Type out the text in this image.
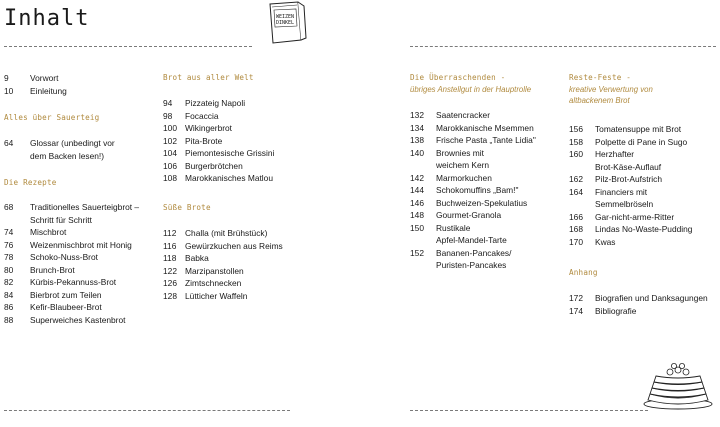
Inhalt	WEIZEN
DINKEL
Alles über Sauerteig
Die Rezepte
Brot aus aller Welt
Süße Brote
Die Überraschenden -
übriges Anstellgut in der Hauptrolle
Reste-Feste -
kreative Verwertung von
altbackenem Brot
Anhang
9	Vorwort
10 Einleitung
64 Glossar (unbedingt vor
dem Backen lesen!)
68 Traditionelles Sauerteigbrot –
Schritt für Schritt
74 Mischbrot
76 Weizenmischbrot mit Honig
78 Schoko-Nuss-Brot
80 Brunch-Brot
82 Kürbis-Pekannuss-Brot
84 Bierbrot zum Teilen
86 Kefir-Blaubeer-Brot
88 Superweiches Kastenbrot
94 Pizzateig Napoli
98 Focaccia
100 Wikingerbrot
102 Pita-Brote
104 Piemontesische Grissini
106 Burgerbrötchen
108 Marokkanisches Matlou
112 Challa (mit Brühstück)
116 Gewürzkuchen aus Reims
118 Babka
122 Marzipanstollen
126 Zimtschnecken
128 Lütticher Waffeln
132 Saatencracker
134 Marokkanische Msemmen
138 Frische Pasta „Tante Lidia"
140 Brownies mit
weichem Kern
142 Marmorkuchen
144 Schokomuffins „Bam!"
146 Buchweizen-Spekulatius
148 Gourmet-Granola
150 Rustikale
Apfel-Mandel-Tarte
152 Bananen-Pancakes/
Puristen-Pancakes
156 Tomatensuppe mit Brot
158 Polpette di Pane in Sugo
160 Herzhafter
Brot-Käse-Auflauf
162 Pilz-Brot-Aufstrich
164 Financiers mit
Semmelbröseln
166 Gar-nicht-arme-Ritter
168 Lindas No-Waste-Pudding
170 Kwas
172 Biografien und Danksagungen
174 Bibliografie
